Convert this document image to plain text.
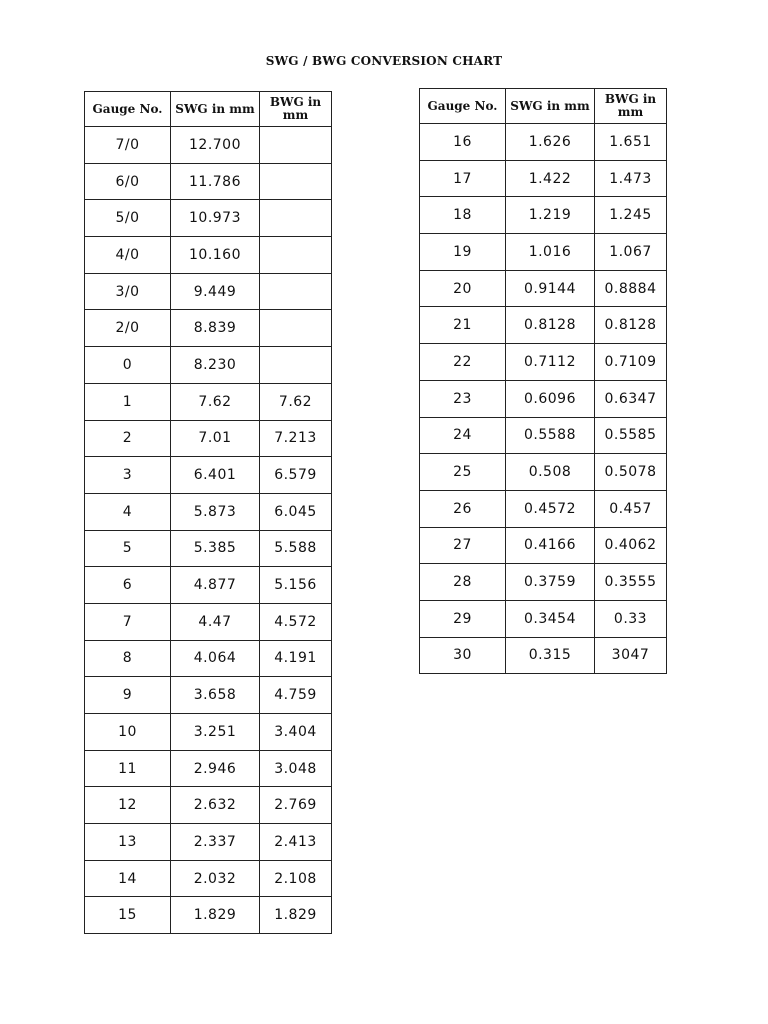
SWG / BWG CONVERSION CHART
Gauge No.	SWG in mm	BWG in mm
7/0	12.700	
6/0	11.786	
5/0	10.973	
4/0	10.160	
3/0	9.449	
2/0	8.839	
0	8.230	
1	7.62	7.62
2	7.01	7.213
3	6.401	6.579
4	5.873	6.045
5	5.385	5.588
6	4.877	5.156
7	4.47	4.572
8	4.064	4.191
9	3.658	4.759
10	3.251	3.404
11	2.946	3.048
12	2.632	2.769
13	2.337	2.413
14	2.032	2.108
15	1.829	1.829
Gauge No.	SWG in mm	BWG in mm
16	1.626	1.651
17	1.422	1.473
18	1.219	1.245
19	1.016	1.067
20	0.9144	0.8884
21	0.8128	0.8128
22	0.7112	0.7109
23	0.6096	0.6347
24	0.5588	0.5585
25	0.508	0.5078
26	0.4572	0.457
27	0.4166	0.4062
28	0.3759	0.3555
29	0.3454	0.33
30	0.315	3047
